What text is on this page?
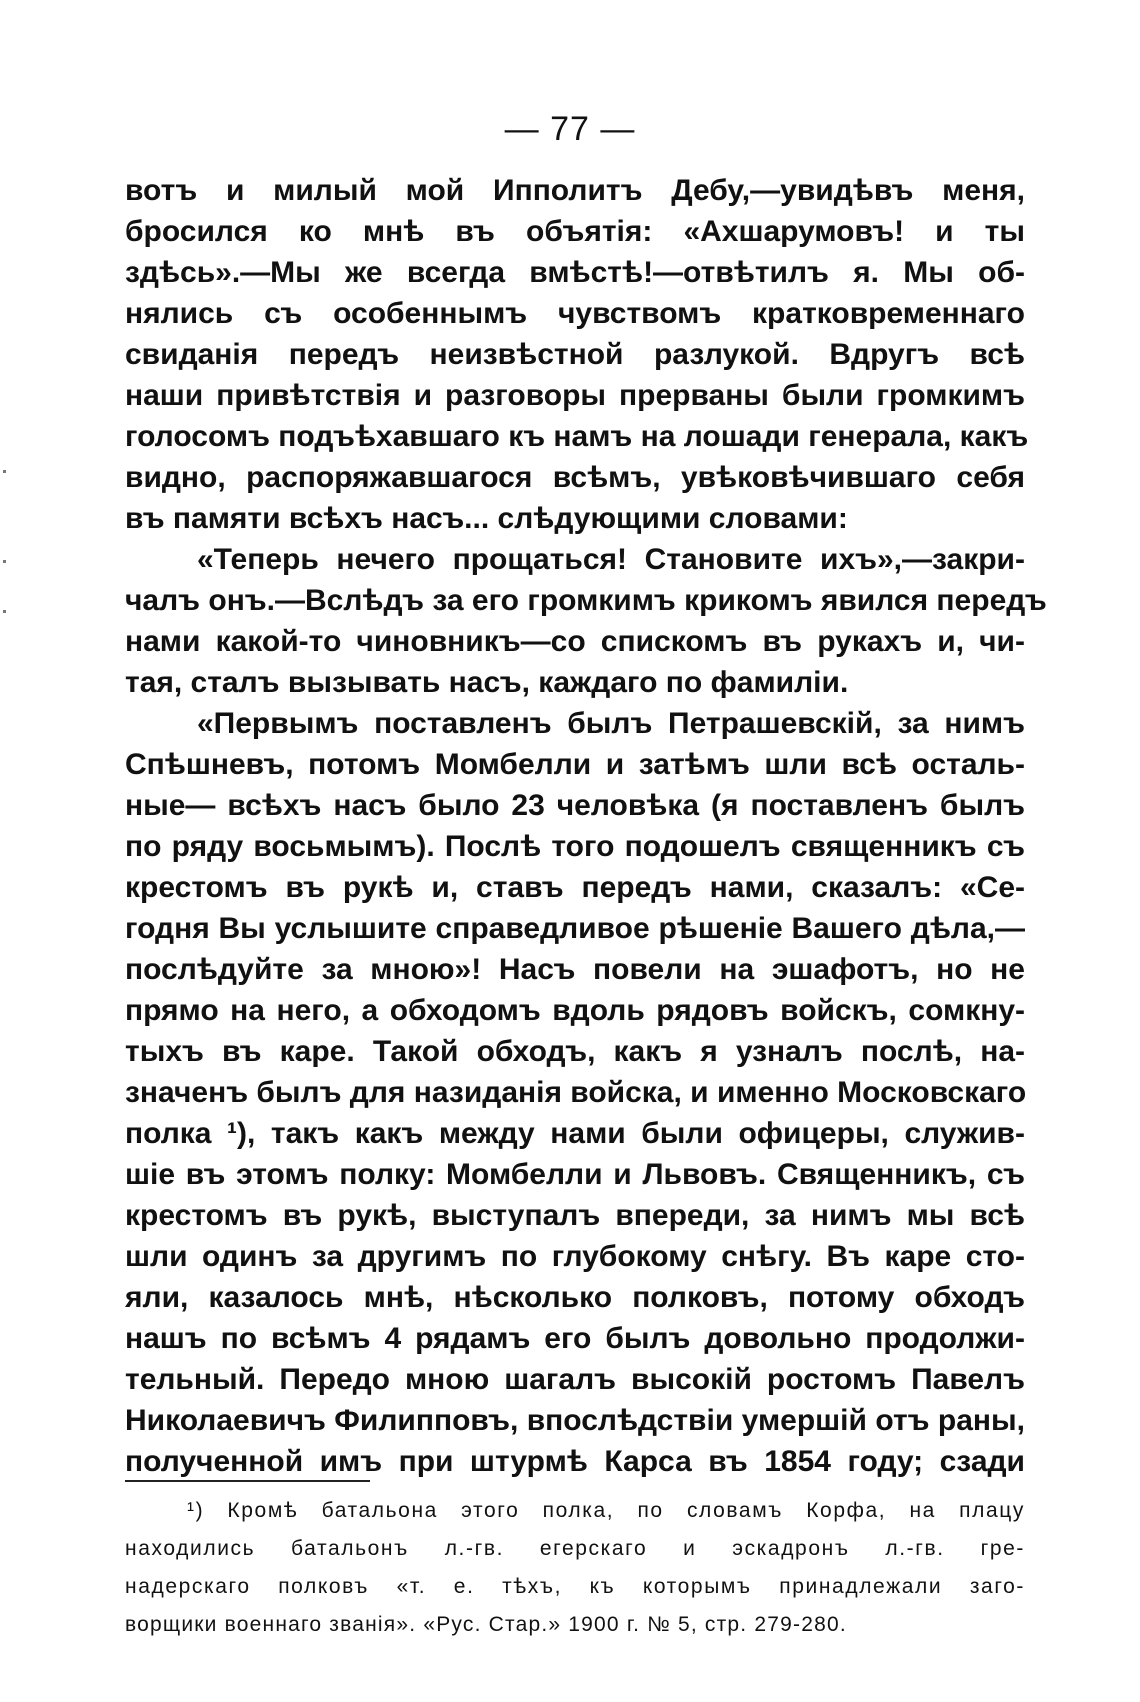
— 77 —
вотъ и милый мой Ипполитъ Дебу,—увидѣвъ меня,
бросился ко мнѣ въ объятія: «Ахшарумовъ! и ты
здѣсь».—Мы же всегда вмѣстѣ!—отвѣтилъ я. Мы об-
нялись съ особеннымъ чувствомъ кратковременнаго
свиданія передъ неизвѣстной разлукой. Вдругъ всѣ
наши привѣтствія и разговоры прерваны были громкимъ
голосомъ подъѣхавшаго къ намъ на лошади генерала, какъ
видно, распоряжавшагося всѣмъ, увѣковѣчившаго себя
въ памяти всѣхъ насъ... слѣдующими словами:
«Теперь нечего прощаться! Становите ихъ»,—закри-
чалъ онъ.—Вслѣдъ за его громкимъ крикомъ явился передъ
нами какой-то чиновникъ—со спискомъ въ рукахъ и, чи-
тая, сталъ вызывать насъ, каждаго по фамиліи.
«Первымъ поставленъ былъ Петрашевскій, за нимъ
Спѣшневъ, потомъ Момбелли и затѣмъ шли всѣ осталь-
ные— всѣхъ насъ было 23 человѣка (я поставленъ былъ
по ряду восьмымъ). Послѣ того подошелъ священникъ съ
крестомъ въ рукѣ и, ставъ передъ нами, сказалъ: «Се-
годня Вы услышите справедливое рѣшеніе Вашего дѣла,—
послѣдуйте за мною»! Насъ повели на эшафотъ, но не
прямо на него, а обходомъ вдоль рядовъ войскъ, сомкну-
тыхъ въ каре. Такой обходъ, какъ я узналъ послѣ, на-
значенъ былъ для назиданія войска, и именно Московскаго
полка ¹), такъ какъ между нами были офицеры, служив-
шіе въ этомъ полку: Момбелли и Львовъ. Священникъ, съ
крестомъ въ рукѣ, выступалъ впереди, за нимъ мы всѣ
шли одинъ за другимъ по глубокому снѣгу. Въ каре сто-
яли, казалось мнѣ, нѣсколько полковъ, потому обходъ
нашъ по всѣмъ 4 рядамъ его былъ довольно продолжи-
тельный. Передо мною шагалъ высокій ростомъ Павелъ
Николаевичъ Филипповъ, впослѣдствіи умершій отъ раны,
полученной имъ при штурмѣ Карса въ 1854 году; сзади
¹) Кромѣ батальона этого полка, по словамъ Корфа, на плацу
находились батальонъ л.-гв. егерскаго и эскадронъ л.-гв. гре-
надерскаго полковъ «т. е. тѣхъ, къ которымъ принадлежали заго-
ворщики военнаго званія». «Рус. Стар.» 1900 г. № 5, стр. 279-280.
